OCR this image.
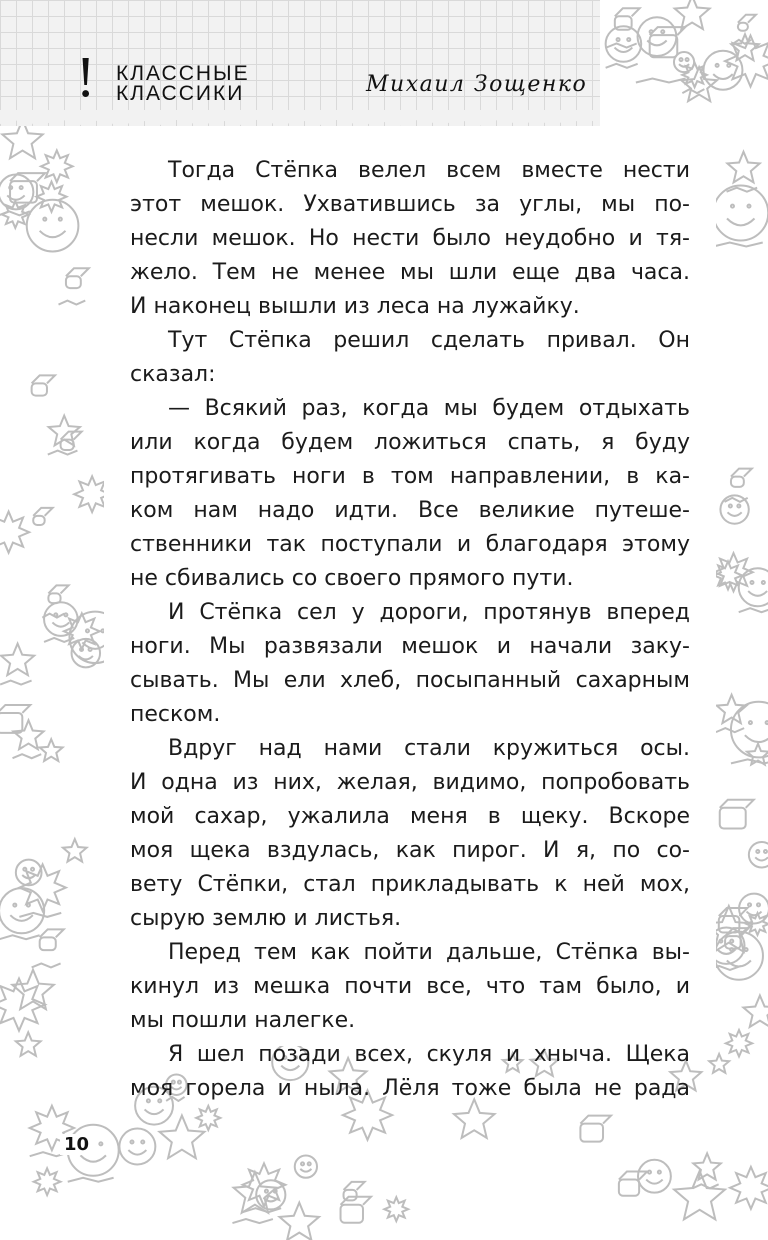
! КЛАССНЫЕ
КЛАССИКИ	Михаил Зощенко
Тогда Стёпка велел всем вместе нести
этот мешок. Ухватившись за углы, мы по-
несли мешок. Но нести было неудобно и тя-
жело. Тем не менее мы шли еще два часа.
И наконец вышли из леса на лужайку.
Тут Стёпка решил сделать привал. Он
сказал:
— Всякий раз, когда мы будем отдыхать
или когда будем ложиться спать, я буду
протягивать ноги в том направлении, в ка-
ком нам надо идти. Все великие путеше-
ственники так поступали и благодаря этому
не сбивались со своего прямого пути.
И Стёпка сел у дороги, протянув вперед
ноги. Мы развязали мешок и начали заку-
сывать. Мы ели хлеб, посыпанный сахарным
песком.
Вдруг над нами стали кружиться осы.
И одна из них, желая, видимо, попробовать
мой сахар, ужалила меня в щеку. Вскоре
моя щека вздулась, как пирог. И я, по со-
вету Стёпки, стал прикладывать к ней мох,
сырую землю и листья.
Перед тем как пойти дальше, Стёпка вы-
кинул из мешка почти все, что там было, и
мы пошли налегке.
Я шел позади всех, скуля и хныча. Щека
моя горела и ныла. Лёля тоже была не рада
10
